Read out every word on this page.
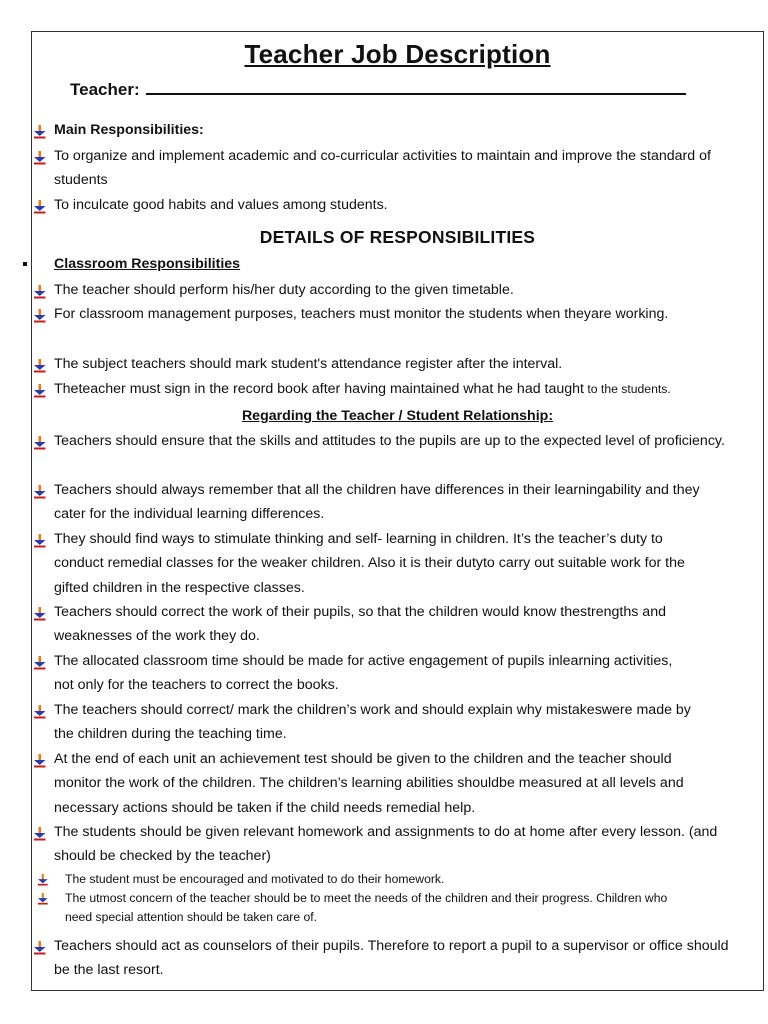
Teacher Job Description
Teacher:
Main Responsibilities:
To organize and implement academic and co-curricular activities to maintain and improve the standard of students
To inculcate good habits and values among students.
DETAILS OF RESPONSIBILITIES
Classroom Responsibilities
The teacher should perform his/her duty according to the given timetable.
For classroom management purposes, teachers must monitor the students when theyare working.
The subject teachers should mark student's attendance register after the interval.
Theteacher must sign in the record book after having maintained what he had taught to the students.
Regarding the Teacher / Student Relationship:
Teachers should ensure that the skills and attitudes to the pupils are up to the expected level of proficiency.
Teachers should always remember that all the children have differences in their learningability and they cater for the individual learning differences.
They should find ways to stimulate thinking and self- learning in children. It’s the teacher’s duty to conduct remedial classes for the weaker children. Also it is their dutyto carry out suitable work for the gifted children in the respective classes.
Teachers should correct the work of their pupils, so that the children would know thestrengths and weaknesses of the work they do.
The allocated classroom time should be made for active engagement of pupils inlearning activities, not only for the teachers to correct the books.
The teachers should correct/ mark the children’s work and should explain why mistakeswere made by the children during the teaching time.
At the end of each unit an achievement test should be given to the children and the teacher should monitor the work of the children. The children’s learning abilities shouldbe measured at all levels and necessary actions should be taken if the child needs remedial help.
The students should be given relevant homework and assignments to do at home after every lesson. (and should be checked by the teacher)
The student must be encouraged and motivated to do their homework.
The utmost concern of the teacher should be to meet the needs of the children and their progress. Children who need special attention should be taken care of.
Teachers should act as counselors of their pupils. Therefore to report a pupil to a supervisor or office should be the last resort.
